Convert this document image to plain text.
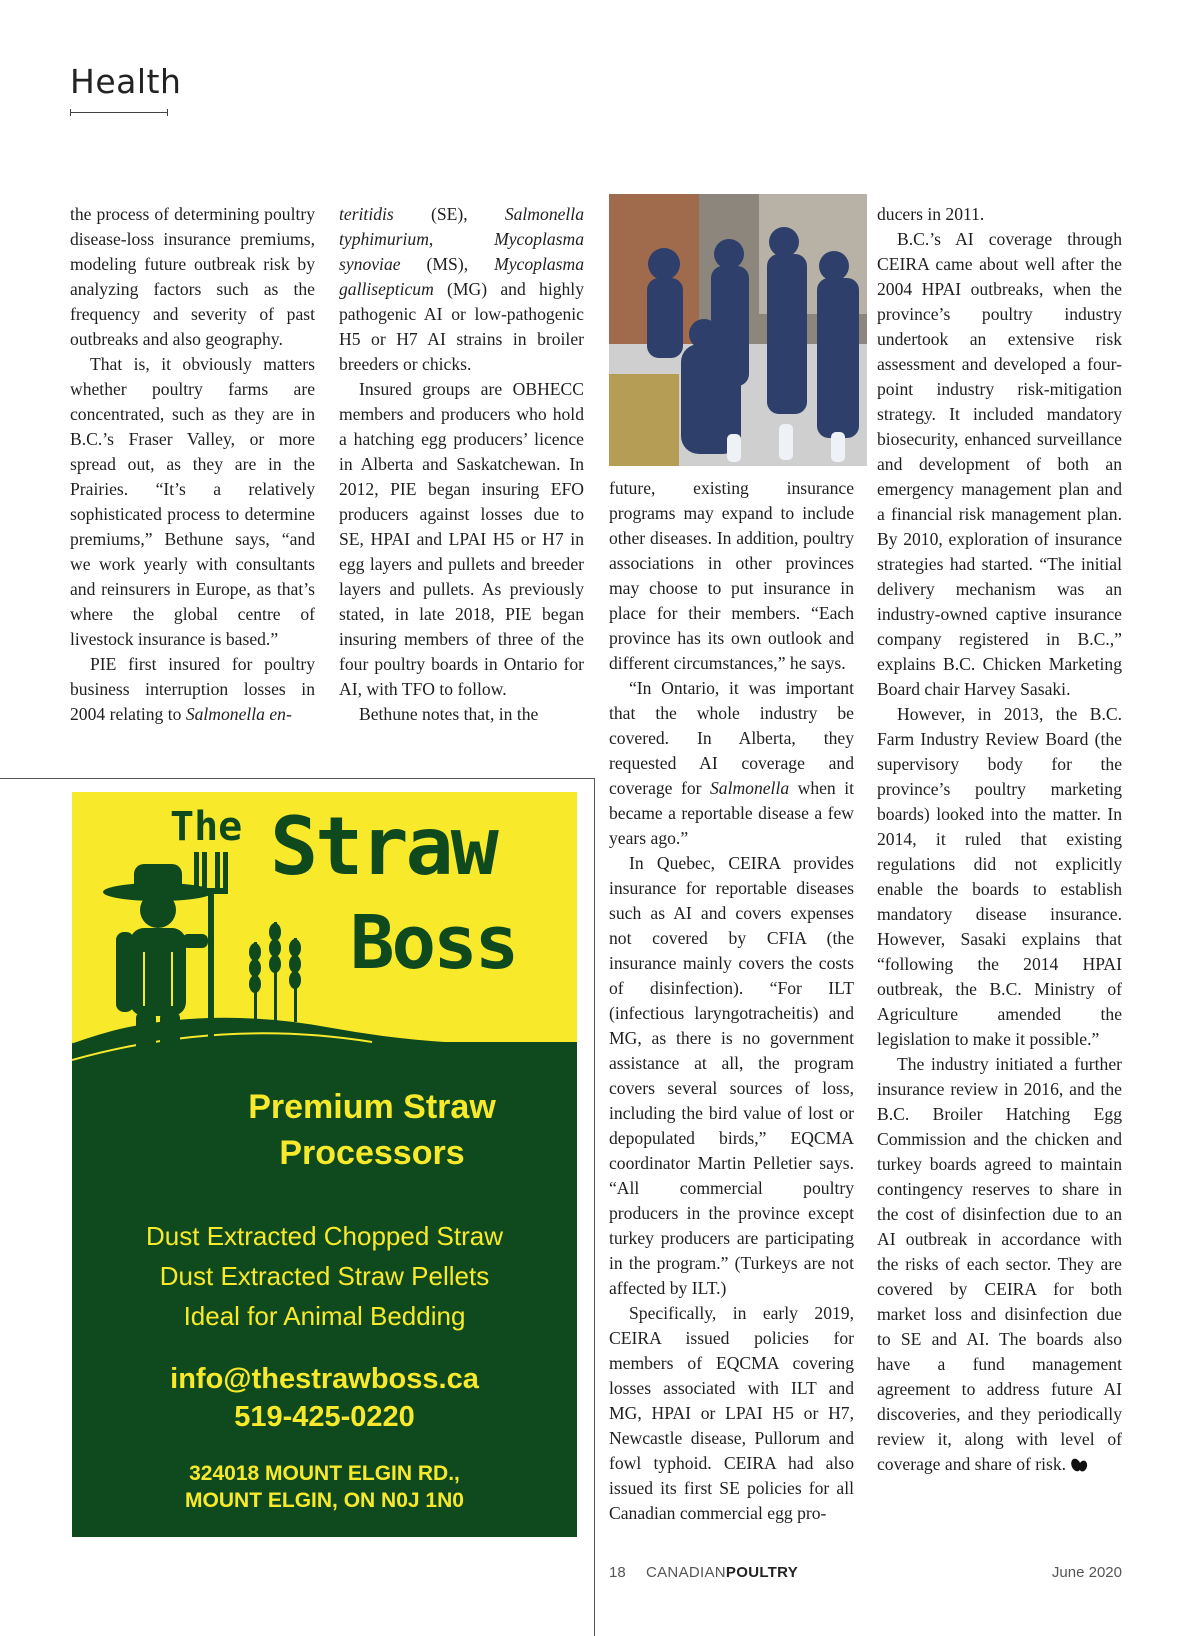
Health

the process of determining poultry disease-loss insurance premiums, modeling future outbreak risk by analyzing factors such as the frequency and severity of past outbreaks and also geography.

That is, it obviously matters whether poultry farms are concentrated, such as they are in B.C.’s Fraser Valley, or more spread out, as they are in the Prairies. “It’s a relatively sophisticated process to determine premiums,” Bethune says, “and we work yearly with consultants and reinsurers in Europe, as that’s where the global centre of livestock insurance is based.”

PIE first insured for poultry business interruption losses in 2004 relating to Salmonella en-

teritidis (SE), Salmonella typhimurium, Mycoplasma synoviae (MS), Mycoplasma gallisepticum (MG) and highly pathogenic AI or low-pathogenic H5 or H7 AI strains in broiler breeders or chicks.

Insured groups are OBHECC members and producers who hold a hatching egg producers’ licence in Alberta and Saskatchewan. In 2012, PIE began insuring EFO producers against losses due to SE, HPAI and LPAI H5 or H7 in egg layers and pullets and breeder layers and pullets. As previously stated, in late 2018, PIE began insuring members of three of the four poultry boards in Ontario for AI, with TFO to follow.

Bethune notes that, in the

future, existing insurance programs may expand to include other diseases. In addition, poultry associations in other provinces may choose to put insurance in place for their members. “Each province has its own outlook and different circumstances,” he says.

“In Ontario, it was important that the whole industry be covered. In Alberta, they requested AI coverage and coverage for Salmonella when it became a reportable disease a few years ago.”

In Quebec, CEIRA provides insurance for reportable diseases such as AI and covers expenses not covered by CFIA (the insurance mainly covers the costs of disinfection). “For ILT (infectious laryngotracheitis) and MG, as there is no government assistance at all, the program covers several sources of loss, including the bird value of lost or depopulated birds,” EQCMA coordinator Martin Pelletier says. “All commercial poultry producers in the province except turkey producers are participating in the program.” (Turkeys are not affected by ILT.)

Specifically, in early 2019, CEIRA issued policies for members of EQCMA covering losses associated with ILT and MG, HPAI or LPAI H5 or H7, Newcastle disease, Pullorum and fowl typhoid. CEIRA had also issued its first SE policies for all Canadian commercial egg pro-

ducers in 2011.

B.C.’s AI coverage through CEIRA came about well after the 2004 HPAI outbreaks, when the province’s poultry industry undertook an extensive risk assessment and developed a four-point industry risk-mitigation strategy. It included mandatory biosecurity, enhanced surveillance and development of both an emergency management plan and a financial risk management plan. By 2010, exploration of insurance strategies had started. “The initial delivery mechanism was an industry-owned captive insurance company registered in B.C.,” explains B.C. Chicken Marketing Board chair Harvey Sasaki.

However, in 2013, the B.C. Farm Industry Review Board (the supervisory body for the province’s poultry marketing boards) looked into the matter. In 2014, it ruled that existing regulations did not explicitly enable the boards to establish mandatory disease insurance. However, Sasaki explains that “following the 2014 HPAI outbreak, the B.C. Ministry of Agriculture amended the legislation to make it possible.”

The industry initiated a further insurance review in 2016, and the B.C. Broiler Hatching Egg Commission and the chicken and turkey boards agreed to maintain contingency reserves to share in the cost of disinfection due to an AI outbreak in accordance with the risks of each sector. They are covered by CEIRA for both market loss and disinfection due to SE and AI. The boards also have a fund management agreement to address future AI discoveries, and they periodically review it, along with level of coverage and share of risk.

The Straw
Boss
Premium Straw
Processors
Dust Extracted Chopped Straw
Dust Extracted Straw Pellets
Ideal for Animal Bedding
info@thestrawboss.ca
519-425-0220
324018 MOUNT ELGIN RD.,
MOUNT ELGIN, ON N0J 1N0
18 CANADIANPOULTRY	June 2020
